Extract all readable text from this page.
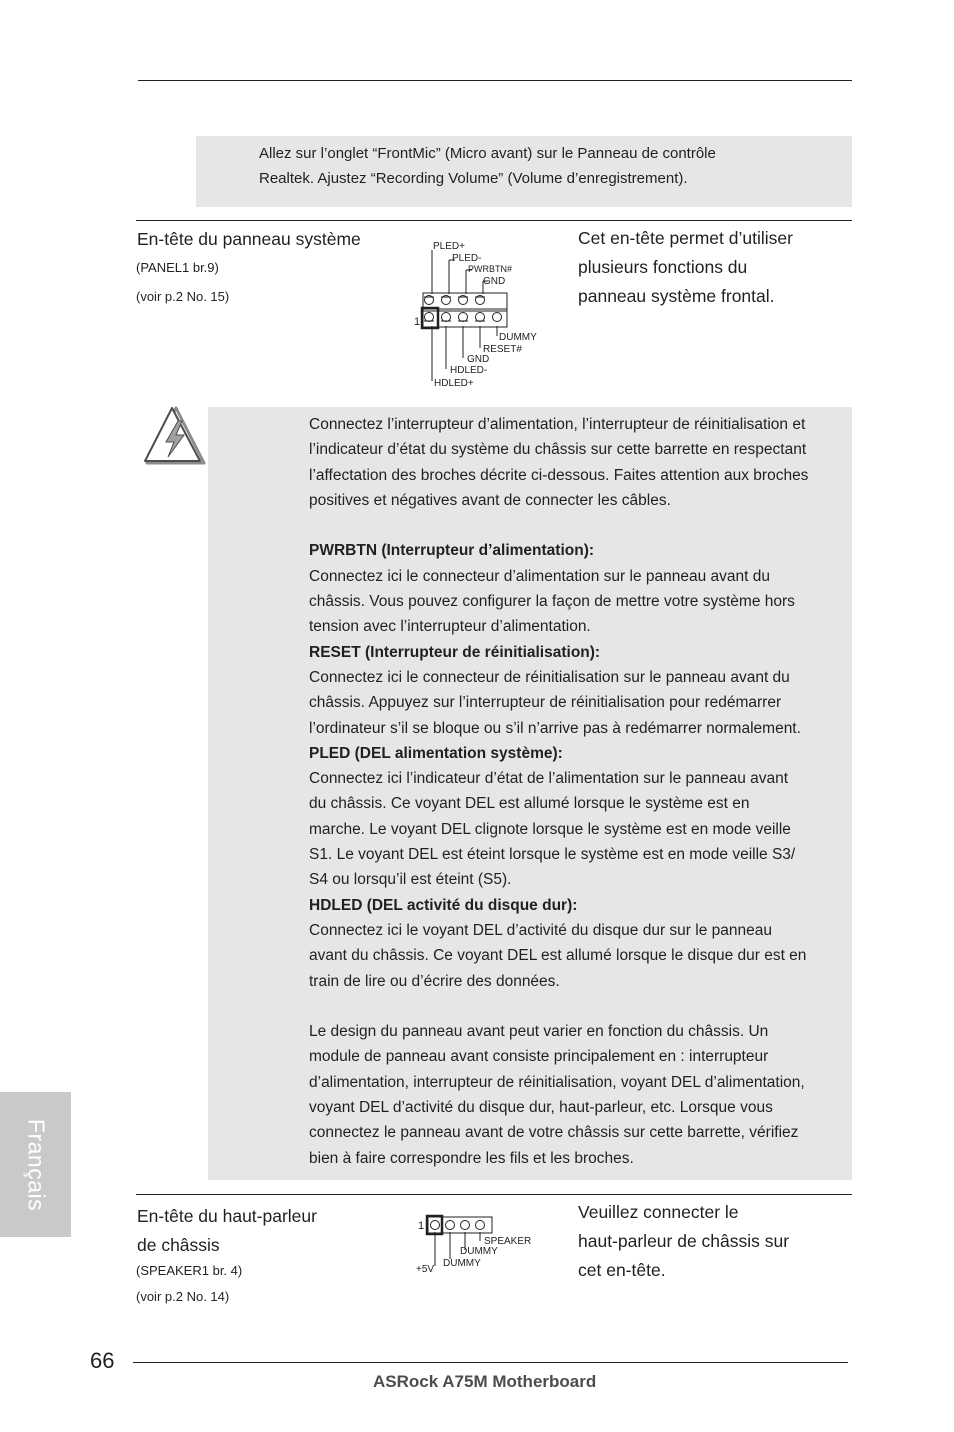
Allez sur l’onglet “FrontMic” (Micro avant) sur le Panneau de contrôle
Realtek. Ajustez “Recording Volume” (Volume d’enregistrement).
En-tête du panneau système
(PANEL1 br.9)
(voir p.2 No. 15)
Cet en-tête permet d’utiliser
plusieurs fonctions du
panneau système frontal.
PLED+
PLED-
PWRBTN#
GND
1
DUMMY
RESET#
GND
HDLED-
HDLED+

Connectez l’interrupteur d’alimentation, l’interrupteur de réinitialisation et

l’indicateur d’état du système du châssis sur cette barrette en respectant

l’affectation des broches décrite ci-dessous. Faites attention aux broches

positives et négatives avant de connecter les câbles.

PWRBTN (Interrupteur d’alimentation):

Connectez ici le connecteur d’alimentation sur le panneau avant du

châssis. Vous pouvez configurer la façon de mettre votre système hors

tension avec l’interrupteur d’alimentation.

RESET (Interrupteur de réinitialisation):

Connectez ici le connecteur de réinitialisation sur le panneau avant du

châssis. Appuyez sur l’interrupteur de réinitialisation pour redémarrer

l’ordinateur s’il se bloque ou s’il n’arrive pas à redémarrer normalement.

PLED (DEL alimentation système):

Connectez ici l’indicateur d’état de l’alimentation sur le panneau avant

du châssis. Ce voyant DEL est allumé lorsque le système est en

marche. Le voyant DEL clignote lorsque le système est en mode veille

S1. Le voyant DEL est éteint lorsque le système est en mode veille S3/

S4 ou lorsqu’il est éteint (S5).

HDLED (DEL activité du disque dur):

Connectez ici le voyant DEL d’activité du disque dur sur le panneau

avant du châssis. Ce voyant DEL est allumé lorsque le disque dur est en

train de lire ou d’écrire des données.

Le design du panneau avant peut varier en fonction du châssis. Un

module de panneau avant consiste principalement en : interrupteur

d’alimentation, interrupteur de réinitialisation, voyant DEL d’alimentation,

voyant DEL d’activité du disque dur, haut-parleur, etc. Lorsque vous

connectez le panneau avant de votre châssis sur cette barrette, vérifiez

bien à faire correspondre les fils et les broches.

Français
En-tête du haut-parleur
de châssis
(SPEAKER1 br. 4)
(voir p.2 No. 14)
Veuillez connecter le
haut-parleur de châssis sur
cet en-tête.
1
SPEAKER
DUMMY
DUMMY
+5V
66
ASRock A75M Motherboard
